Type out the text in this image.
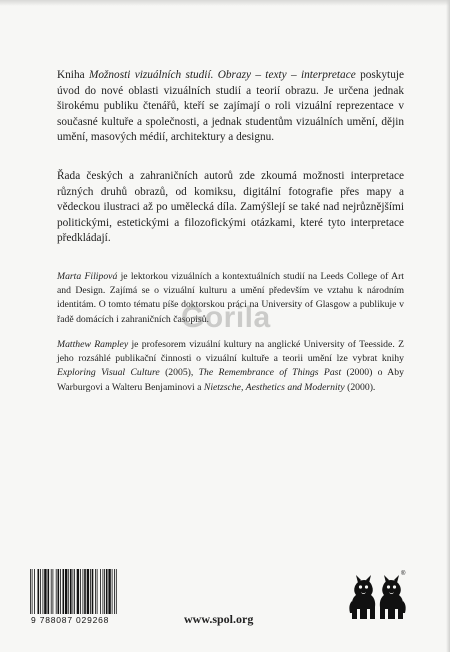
Kniha Možnosti vizuálních studií. Obrazy – texty – interpretace poskytuje úvod do nové oblasti vizuálních studií a teorií obrazu. Je určena jednak širokému publiku čtenářů, kteří se zajímají o roli vizuální reprezentace v současné kultuře a společnosti, a jednak studentům vizuálních umění, dějin umění, masových médií, architektury a designu.

Řada českých a zahraničních autorů zde zkoumá možnosti interpretace různých druhů obrazů, od komiksu, digitální fotografie přes mapy a vědeckou ilustraci až po umělecká díla. Zamýšlejí se také nad nejrůznějšími politickými, estetickými a filozofickými otázkami, které tyto interpretace předkládají.

Marta Filipová je lektorkou vizuálních a kontextuálních studií na Leeds College of Art and Design. Zajímá se o vizuální kulturu a umění především ve vztahu k národním identitám. O tomto tématu píše doktorskou práci na University of Glasgow a publikuje v řadě domácích i zahraničních časopisů.

Matthew Rampley je profesorem vizuální kultury na anglické University of Teesside. Z jeho rozsáhlé publikační činnosti o vizuální kultuře a teorii umění lze vybrat knihy Exploring Visual Culture (2005), The Remembrance of Things Past (2000) o Aby Warburgovi a Walteru Benjaminovi a Nietzsche, Aesthetics and Modernity (2000).

Gorila

9 788087 029268	www.spol.org

®
